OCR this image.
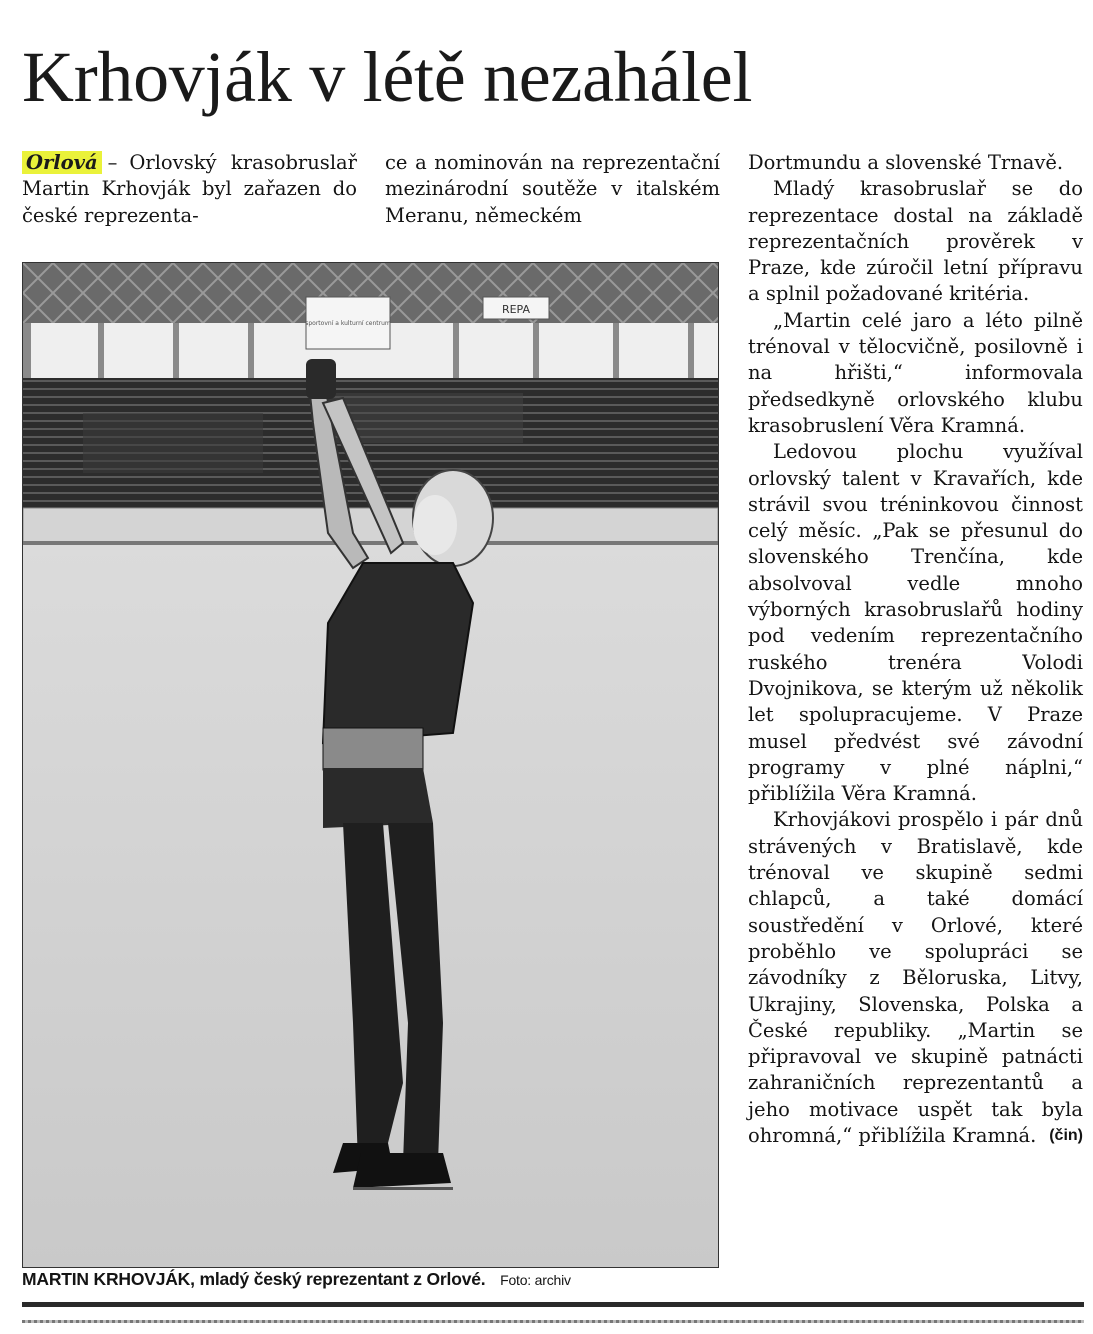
Krhovják v létě nezahálel

Orlová – Orlovský krasobruslař Martin Krhovják byl zařazen do české reprezenta-

ce a nominován na reprezentační mezinárodní soutěže v italském Meranu, německém

Dortmundu a slovenské Trnavě.

Mladý krasobruslař se do reprezentace dostal na základě reprezentačních prověrek v Praze, kde zúročil letní přípravu a splnil požadované kritéria.

„Martin celé jaro a léto pilně trénoval v tělocvičně, posilovně i na hřišti,“ informovala předsedkyně orlovského klubu krasobruslení Věra Kramná.

Ledovou plochu využíval orlovský talent v Kravařích, kde strávil svou tréninkovou činnost celý měsíc. „Pak se přesunul do slovenského Trenčína, kde absolvoval vedle mnoho výborných krasobruslařů hodiny pod vedením reprezentačního ruského trenéra Volodi Dvojnikova, se kterým už několik let spolupracujeme. V Praze musel předvést své závodní programy v plné náplni,“ přiblížila Věra Kramná.

Krhovjákovi prospělo i pár dnů strávených v Bratislavě, kde trénoval ve skupině sedmi chlapců, a také domácí soustředění v Orlové, které proběhlo ve spolupráci se závodníky z Běloruska, Litvy, Ukrajiny, Slovenska, Polska a České republiky. „Martin se připravoval ve skupině patnácti zahraničních reprezentantů a jeho motivace uspět tak byla ohromná,“ přiblížila Kramná. (čin)
sportovní a kulturní centrum
REPA
MARTIN KRHOVJÁK, mladý český reprezentant z Orlové. Foto: archiv
